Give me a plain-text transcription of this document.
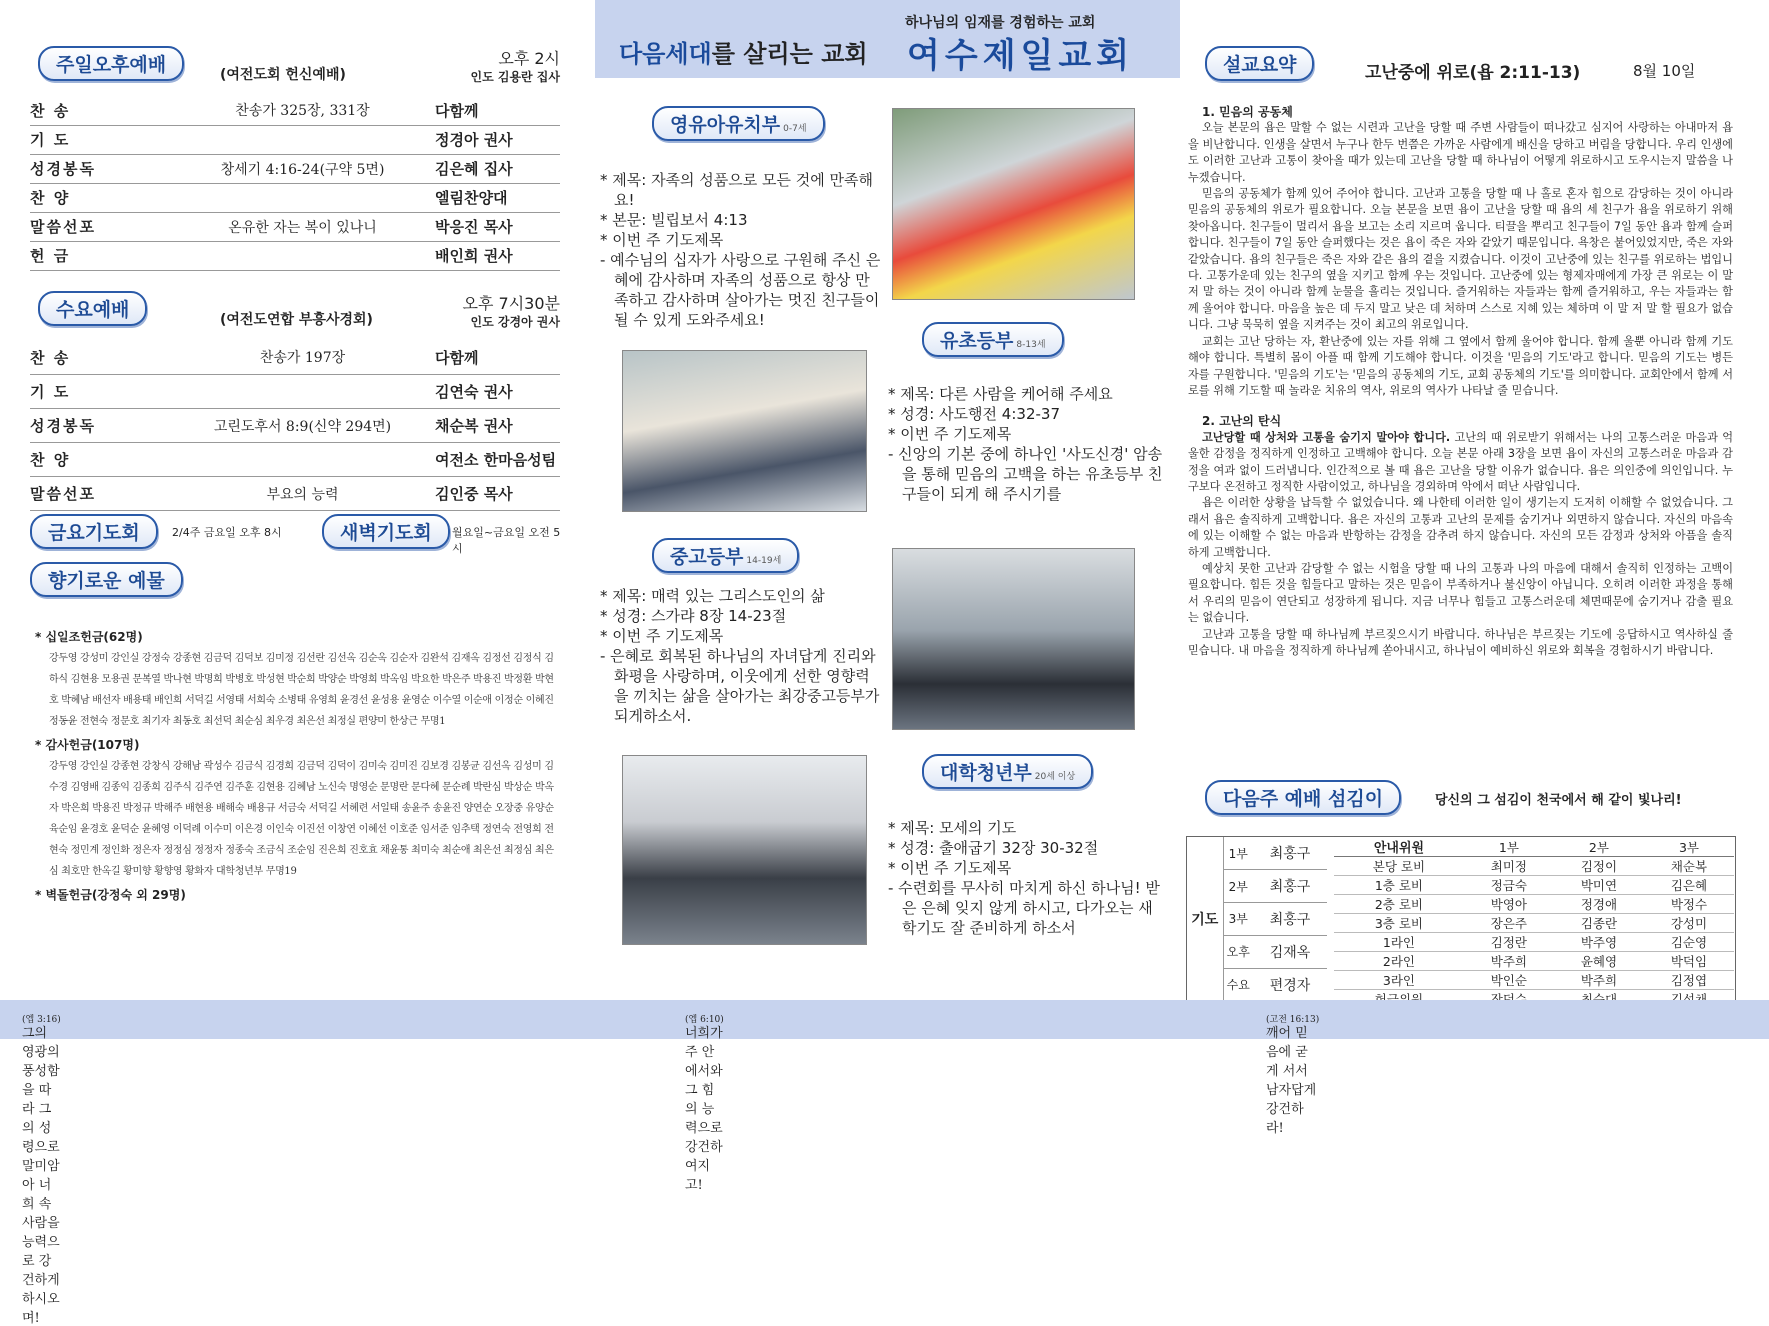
주일오후예배	(여전도회 헌신예배)
오후 2시
인도 김용란 집사
찬 송	찬송가 325장, 331장	다함께
기 도		정경아 권사
성경봉독	창세기 4:16-24(구약 5면)	김은혜 집사
찬 양		엘림찬양대
말씀선포	온유한 자는 복이 있나니	박응진 목사
헌 금		배인희 권사
수요예배	(여전도연합 부흥사경회)
오후 7시30분
인도 강경아 권사
찬 송	찬송가 197장	다함께
기 도		김연숙 권사
성경봉독	고린도후서 8:9(신약 294면)	채순복 권사
찬 양		여전소 한마음성팀
말씀선포	부요의 능력	김인중 목사
금요기도회	2/4주 금요일 오후 8시	새벽기도회	월요일~금요일 오전 5시
향기로운 예물
* 십일조헌금(62명)
강두영 강성미 강인실 강정숙 강종현 김금덕 김덕보 김미정 김선란 김선옥 김순옥 김순자 김완석 김재옥 김정선 김정식 김하식 김현용 모용권 문복열 박나현 박명희 박병호 박성현 박순희 박양순 박영희 박옥임 박요한 박은주 박용진 박정환 박현호 박혜남 배선자 배용태 배인희 서덕길 서영태 서희숙 소병태 유영희 윤경선 윤성용 윤영순 이수열 이순애 이정순 이혜진 정동윤 전현숙 정문호 최기자 최동호 최선덕 최순심 최우경 최은선 최정실 편양미 한상근 무명1
* 감사헌금(107명)
강두영 강인실 강종현 강창식 강해남 곽성수 김금식 김경희 김금덕 김덕이 김미숙 김미진 김보경 김봉균 김선옥 김성미 김수경 김영배 김종익 김종희 김주식 김주연 김주훈 김현용 김혜남 노신숙 명영순 문명란 문다혜 문순례 박란심 박상순 박옥자 박은희 박용진 박정규 박해주 배현용 배해숙 배용규 서금숙 서덕길 서혜련 서일태 송윤주 송윤진 양연순 오장중 유양순 육순임 윤경호 윤덕순 윤혜영 이덕례 이수미 이은경 이인숙 이진선 이창연 이혜선 이호준 임서준 임추택 정연숙 전영희 전현숙 정민계 정인화 정은자 정정심 정정자 정종숙 조금식 조순임 진은희 진호효 채윤통 최미숙 최순애 최은선 최정심 최은심 최호만 한옥길 황미향 황향영 황화자 대학청년부 무명19
* 벽돌헌금(강정숙 외 29명)
하나님의 임재를 경험하는 교회
다음세대를 살리는 교회 여수제일교회
영유아유치부 0-7세
* 제목: 자족의 성품으로 모든 것에 만족해요!
* 본문: 빌립보서 4:13
* 이번 주 기도제목
- 예수님의 십자가 사랑으로 구원해 주신 은혜에 감사하며 자족의 성품으로 항상 만족하고 감사하며 살아가는 멋진 친구들이 될 수 있게 도와주세요!
유초등부 8-13세
* 제목: 다른 사람을 케어해 주세요
* 성경: 사도행전 4:32-37
* 이번 주 기도제목
- 신앙의 기본 중에 하나인 '사도신경' 암송을 통해 믿음의 고백을 하는 유초등부 친구들이 되게 해 주시기를
중고등부 14-19세
* 제목: 매력 있는 그리스도인의 삶
* 성경: 스가랴 8장 14-23절
* 이번 주 기도제목
- 은혜로 회복된 하나님의 자녀답게 진리와 화평을 사랑하며, 이웃에게 선한 영향력을 끼치는 삶을 살아가는 최강중고등부가 되게하소서.
대학청년부 20세 이상
* 제목: 모세의 기도
* 성경: 출애굽기 32장 30-32절
* 이번 주 기도제목
- 수련회를 무사히 마치게 하신 하나님! 받은 은혜 잊지 않게 하시고, 다가오는 새학기도 잘 준비하게 하소서
설교요약	고난중에 위로(욥 2:11-13)	8월 10일
1. 믿음의 공동체

오늘 본문의 욥은 말할 수 없는 시련과 고난을 당할 때 주변 사람들이 떠나갔고 심지어 사랑하는 아내마저 욥을 비난합니다. 인생을 살면서 누구나 한두 번쯤은 가까운 사람에게 배신을 당하고 버림을 당합니다. 우리 인생에도 이러한 고난과 고통이 찾아올 때가 있는데 고난을 당할 때 하나님이 어떻게 위로하시고 도우시는지 말씀을 나누겠습니다.

믿음의 공동체가 함께 있어 주어야 합니다. 고난과 고통을 당할 때 나 홀로 혼자 힘으로 감당하는 것이 아니라 믿음의 공동체의 위로가 필요합니다. 오늘 본문을 보면 욥이 고난을 당할 때 욥의 세 친구가 욥을 위로하기 위해 찾아옵니다. 친구들이 멀리서 욥을 보고는 소리 지르며 웁니다. 티끌을 뿌리고 친구들이 7일 동안 욥과 함께 슬퍼합니다. 친구들이 7일 동안 슬퍼했다는 것은 욥이 죽은 자와 같았기 때문입니다. 욕창은 붙어있었지만, 죽은 자와 같았습니다. 욥의 친구들은 죽은 자와 같은 욥의 곁을 지켰습니다. 이것이 고난중에 있는 친구를 위로하는 법입니다. 고통가운데 있는 친구의 옆을 지키고 함께 우는 것입니다. 고난중에 있는 형제자매에게 가장 큰 위로는 이 말 저 말 하는 것이 아니라 함께 눈물을 흘리는 것입니다. 즐거워하는 자들과는 함께 즐거워하고, 우는 자들과는 함께 울어야 합니다. 마음을 높은 데 두지 말고 낮은 데 처하며 스스로 지혜 있는 체하며 이 말 저 말 할 필요가 없습니다. 그냥 묵묵히 옆을 지켜주는 것이 최고의 위로입니다.

교회는 고난 당하는 자, 환난중에 있는 자를 위해 그 옆에서 함께 울어야 합니다. 함께 울뿐 아니라 함께 기도해야 합니다. 특별히 몸이 아플 때 함께 기도해야 합니다. 이것을 '믿음의 기도'라고 합니다. 믿음의 기도는 병든 자를 구원합니다. '믿음의 기도'는 '믿음의 공동체의 기도, 교회 공동체의 기도'를 의미합니다. 교회안에서 함께 서로를 위해 기도할 때 놀라운 치유의 역사, 위로의 역사가 나타날 줄 믿습니다.

2. 고난의 탄식

고난당할 때 상처와 고통을 숨기지 말아야 합니다. 고난의 때 위로받기 위해서는 나의 고통스러운 마음과 억울한 감정을 정직하게 인정하고 고백해야 합니다. 오늘 본문 아래 3장을 보면 욥이 자신의 고통스러운 마음과 감정을 여과 없이 드러냅니다. 인간적으로 볼 때 욥은 고난을 당할 이유가 없습니다. 욥은 의인중에 의인입니다. 누구보다 온전하고 정직한 사람이었고, 하나님을 경외하며 악에서 떠난 사람입니다.

욥은 이러한 상황을 납득할 수 없었습니다. 왜 나한테 이러한 일이 생기는지 도저히 이해할 수 없었습니다. 그래서 욥은 솔직하게 고백합니다. 욥은 자신의 고통과 고난의 문제를 숨기거나 외면하지 않습니다. 자신의 마음속에 있는 이해할 수 없는 마음과 반항하는 감정을 감추려 하지 않습니다. 자신의 모든 감정과 상처와 아픔을 솔직하게 고백합니다.

예상치 못한 고난과 감당할 수 없는 시험을 당할 때 나의 고통과 나의 마음에 대해서 솔직히 인정하는 고백이 필요합니다. 힘든 것을 힘들다고 말하는 것은 믿음이 부족하거나 불신앙이 아닙니다. 오히려 이러한 과정을 통해서 우리의 믿음이 연단되고 성장하게 됩니다. 지금 너무나 힘들고 고통스러운데 체면때문에 숨기거나 감출 필요는 없습니다.

고난과 고통을 당할 때 하나님께 부르짖으시기 바랍니다. 하나님은 부르짖는 기도에 응답하시고 역사하실 줄 믿습니다. 내 마음을 정직하게 하나님께 쏟아내시고, 하나님이 예비하신 위로와 회복을 경험하시기 바랍니다.

다음주 예배 섬김이	당신의 그 섬김이 천국에서 해 같이 빛나리!
기도	1부	최홍구
	2부	최홍구
	3부	최홍구
	오후	김재옥
	수요	편경자
안내위원	1부	2부	3부
본당 로비	최미정	김정이	채순복
1층 로비	정금숙	박미연	김은혜
2층 로비	박영아	정경애	박정수
3층 로비	장은주	김종란	강성미
1라인	김정란	박주영	김순영
2라인	박주희	윤혜영	박덕임
3라인	박인순	박주희	김정엽

그의 영광의 풍성함을 따라 그의 성령으로 말미암아 너희 속사람을 능력으로 강건하게 하시오며!
(엡 3:16)
너희가 주 안에서와 그 힘의 능력으로 강건하여지고!
(엡 6:10)
깨어 믿음에 굳게 서서 남자답게 강건하라!
(고전 16:13)
